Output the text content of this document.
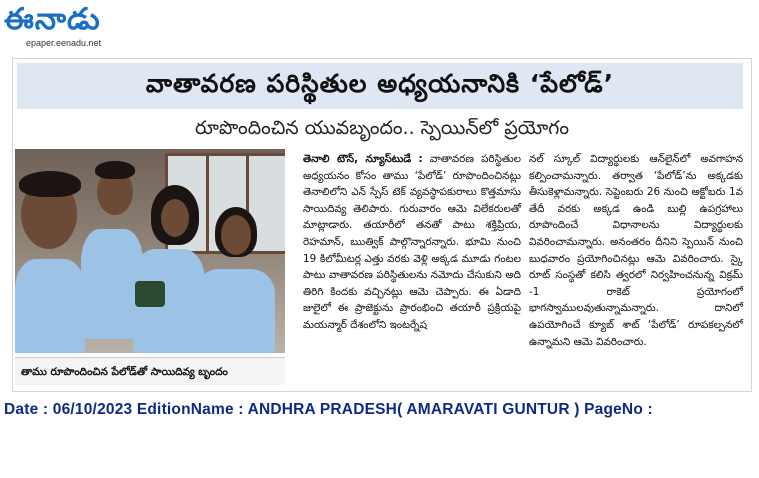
ఈనాడు
epaper.eenadu.net
వాతావరణ పరిస్థితుల అధ్యయనానికి ‘పేలోడ్’
రూపొందించిన యువబృందం.. స్పెయిన్‌లో ప్రయోగం
తాము రూపొందించిన పేలోడ్‌తో సాయిదివ్య బృందం

తెనాలి టౌన్, న్యూస్‌టుడే : వాతావరణ పరిస్థితుల అధ్యయనం కోసం తాము ‘పేలోడ్’ రూపొందించినట్లు తెనాలిలోని ఎన్ స్పేస్ టెక్ వ్యవస్థాపకురాలు కొత్తమాసు సాయిదివ్య తెలిపారు. గురువారం ఆమె విలేకరులతో మాట్లాడారు. తయారీలో తనతో పాటు శక్తిప్రియ, రెహమాన్, ఋత్విక్ పాల్గొన్నారన్నారు. భూమి నుంచి 19 కిలోమీటర్ల ఎత్తు వరకు వెళ్లి అక్కడ మూడు గంటల పాటు వాతావరణ పరిస్థితులను నమోదు చేసుకుని అది తిరిగి కిందకు వచ్చినట్లు ఆమె చెప్పారు. ఈ ఏడాది జులైలో ఈ ప్రాజెక్టును ప్రారంభించి తయారీ ప్రక్రియపై మయన్మార్ దేశంలోని ఇంటర్నేష

నల్ స్కూల్ విద్యార్థులకు ఆన్‌లైన్‌లో అవగాహన కల్పించామన్నారు. తర్వాత ‘పేలోడ్’ను అక్కడకు తీసుకెళ్లామన్నారు. సెప్టెంబరు 26 నుంచి అక్టోబరు 1వ తేదీ వరకు అక్కడ ఉండి బుల్లి ఉపగ్రహాలు రూపొందించే విధానాలను విద్యార్థులకు వివరించామన్నారు. అనంతరం దీనిని స్పెయిన్ నుంచి బుధవారం ప్రయోగించినట్లు ఆమె వివరించారు. స్కై రూట్ సంస్థతో కలిసి త్వరలో నిర్వహించనున్న విక్రమ్ -1 రాకెట్ ప్రయోగంలో భాగస్వాములవుతున్నామన్నారు. దానిలో ఉపయోగించే క్యూబ్ శాట్ ‘పేలోడ్’ రూపకల్పనలో ఉన్నామని ఆమె వివరించారు.

Date : 06/10/2023 EditionName : ANDHRA PRADESH( AMARAVATI GUNTUR ) PageNo :
